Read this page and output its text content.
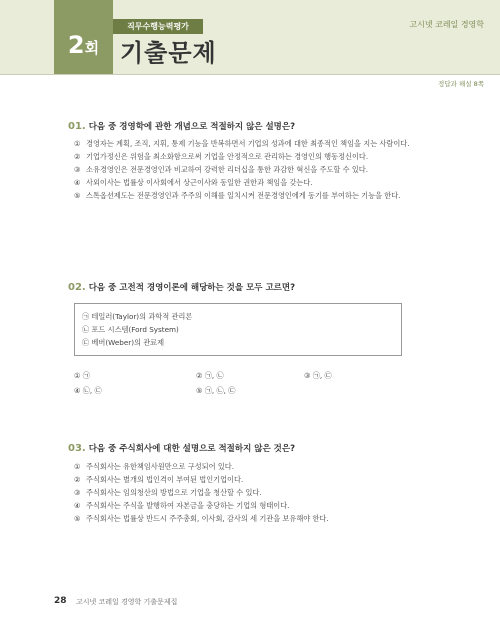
2회
직무수행능력평가
기출문제
고시넷 코레일 경영학
정답과 해설 8쪽
01. 다음 중 경영학에 관한 개념으로 적절하지 않은 설명은?
① 경영자는 계획, 조직, 지휘, 통제 기능을 반복하면서 기업의 성과에 대한 최종적인 책임을 지는 사람이다.
② 기업가정신은 위험을 최소화함으로써 기업을 안정적으로 관리하는 경영인의 행동정신이다.
③ 소유경영인은 전문경영인과 비교하여 강력한 리더십을 통한 과감한 혁신을 주도할 수 있다.
④ 사외이사는 법률상 이사회에서 상근이사와 동일한 권한과 책임을 갖는다.
⑤ 스톡옵션제도는 전문경영인과 주주의 이해를 일치시켜 전문경영인에게 동기를 부여하는 기능을 한다.
02. 다음 중 고전적 경영이론에 해당하는 것을 모두 고르면?
㉠ 테일러(Taylor)의 과학적 관리론
㉡ 포드 시스템(Ford System)
㉢ 베버(Weber)의 관료제
① ㉠	② ㉠, ㉡	③ ㉠, ㉢
④ ㉡, ㉢	⑤ ㉠, ㉡, ㉢
03. 다음 중 주식회사에 대한 설명으로 적절하지 않은 것은?
① 주식회사는 유한책임사원만으로 구성되어 있다.
② 주식회사는 별개의 법인격이 부여된 법인기업이다.
③ 주식회사는 임의청산의 방법으로 기업을 청산할 수 있다.
④ 주식회사는 주식을 발행하여 자본금을 충당하는 기업의 형태이다.
⑤ 주식회사는 법률상 반드시 주주총회, 이사회, 감사의 세 기관을 보유해야 한다.
28 고시넷 코레일 경영학 기출문제집
